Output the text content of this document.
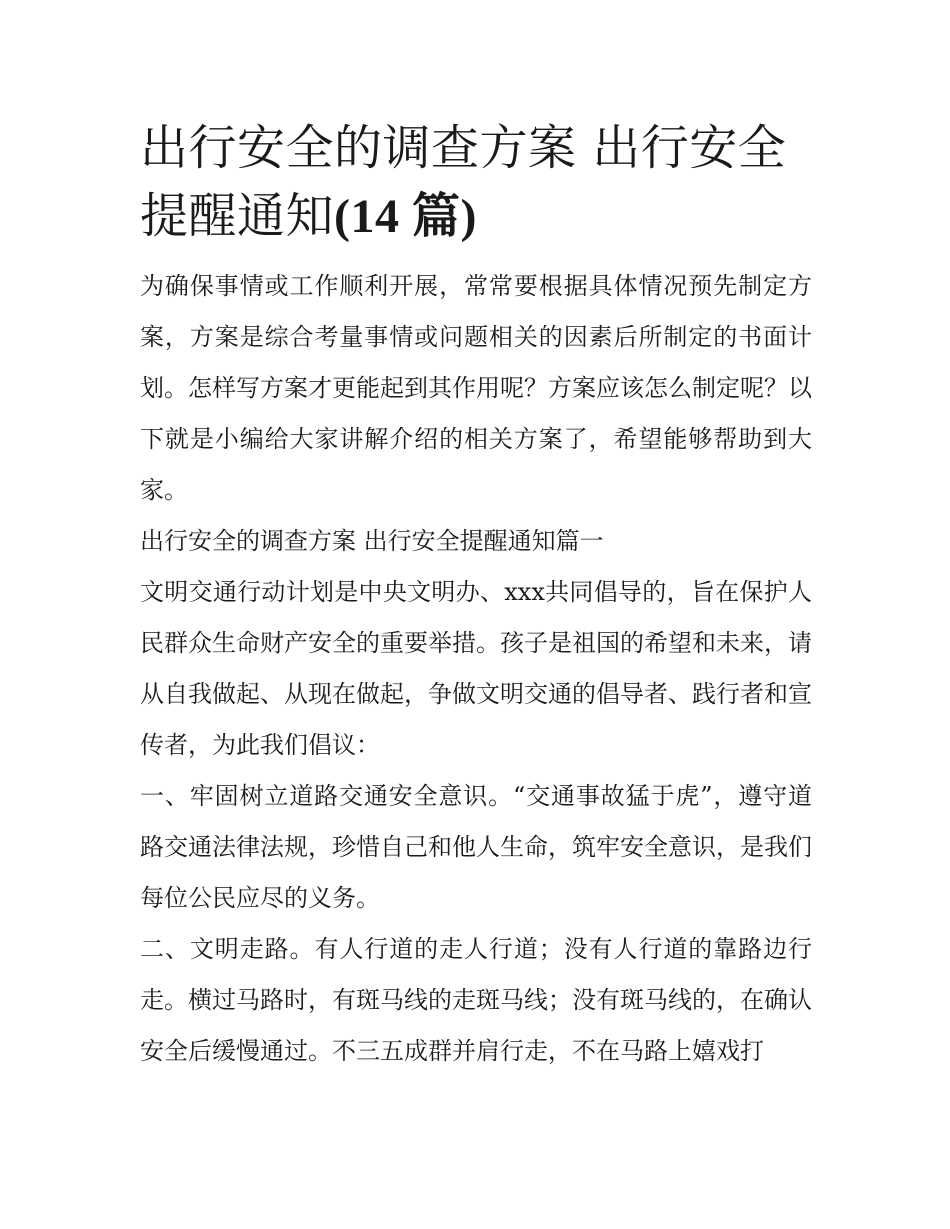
出行安全的调查方案 出行安全提醒通知(14 篇)

为确保事情或工作顺利开展，常常要根据具体情况预先制定方案，方案是综合考量事情或问题相关的因素后所制定的书面计划。怎样写方案才更能起到其作用呢？方案应该怎么制定呢？以下就是小编给大家讲解介绍的相关方案了，希望能够帮助到大家。

出行安全的调查方案 出行安全提醒通知篇一

文明交通行动计划是中央文明办、xxx共同倡导的，旨在保护人民群众生命财产安全的重要举措。孩子是祖国的希望和未来，请从自我做起、从现在做起，争做文明交通的倡导者、践行者和宣传者，为此我们倡议：

一、牢固树立道路交通安全意识。“交通事故猛于虎”，遵守道路交通法律法规，珍惜自己和他人生命，筑牢安全意识，是我们每位公民应尽的义务。

二、文明走路。有人行道的走人行道；没有人行道的靠路边行走。横过马路时，有斑马线的走斑马线；没有斑马线的，在确认安全后缓慢通过。不三五成群并肩行走，不在马路上嬉戏打
